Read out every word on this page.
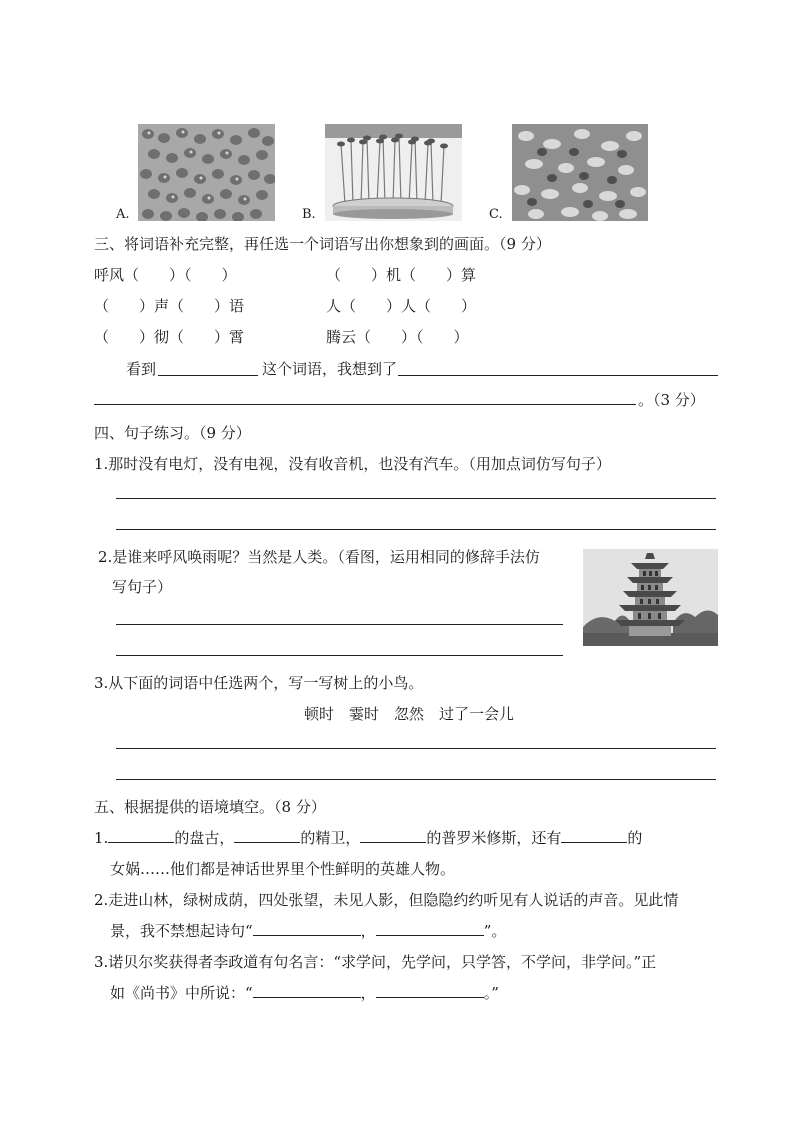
A.	B.	C.
三、将词语补充完整，再任选一个词语写出你想象到的画面。（9 分）
呼风（　　）（　　）	（　　）机（　　）算
（　　）声（　　）语	人（　　）人（　　）
（　　）彻（　　）霄	腾云（　　）（　　）
看到	这个词语，我想到了
。（3 分）
四、句子练习。（9 分）
1.那时没有电灯，没有电视，没有收音机，也没有汽车。（用加点词仿写句子）
2.是谁来呼风唤雨呢？当然是人类。（看图，运用相同的修辞手法仿
写句子）
3.从下面的词语中任选两个，写一写树上的小鸟。
顿时　霎时　忽然　过了一会儿
五、根据提供的语境填空。（8 分）
1.	的盘古，	的精卫，	的普罗米修斯，还有	的
女娲……他们都是神话世界里个性鲜明的英雄人物。
2.走进山林，绿树成荫，四处张望，未见人影，但隐隐约约听见有人说话的声音。见此情
景，我不禁想起诗句“	，	”。
3.诺贝尔奖获得者李政道有句名言：“求学问，先学问，只学答，不学问，非学问。”正
如《尚书》中所说：“	，	。”
